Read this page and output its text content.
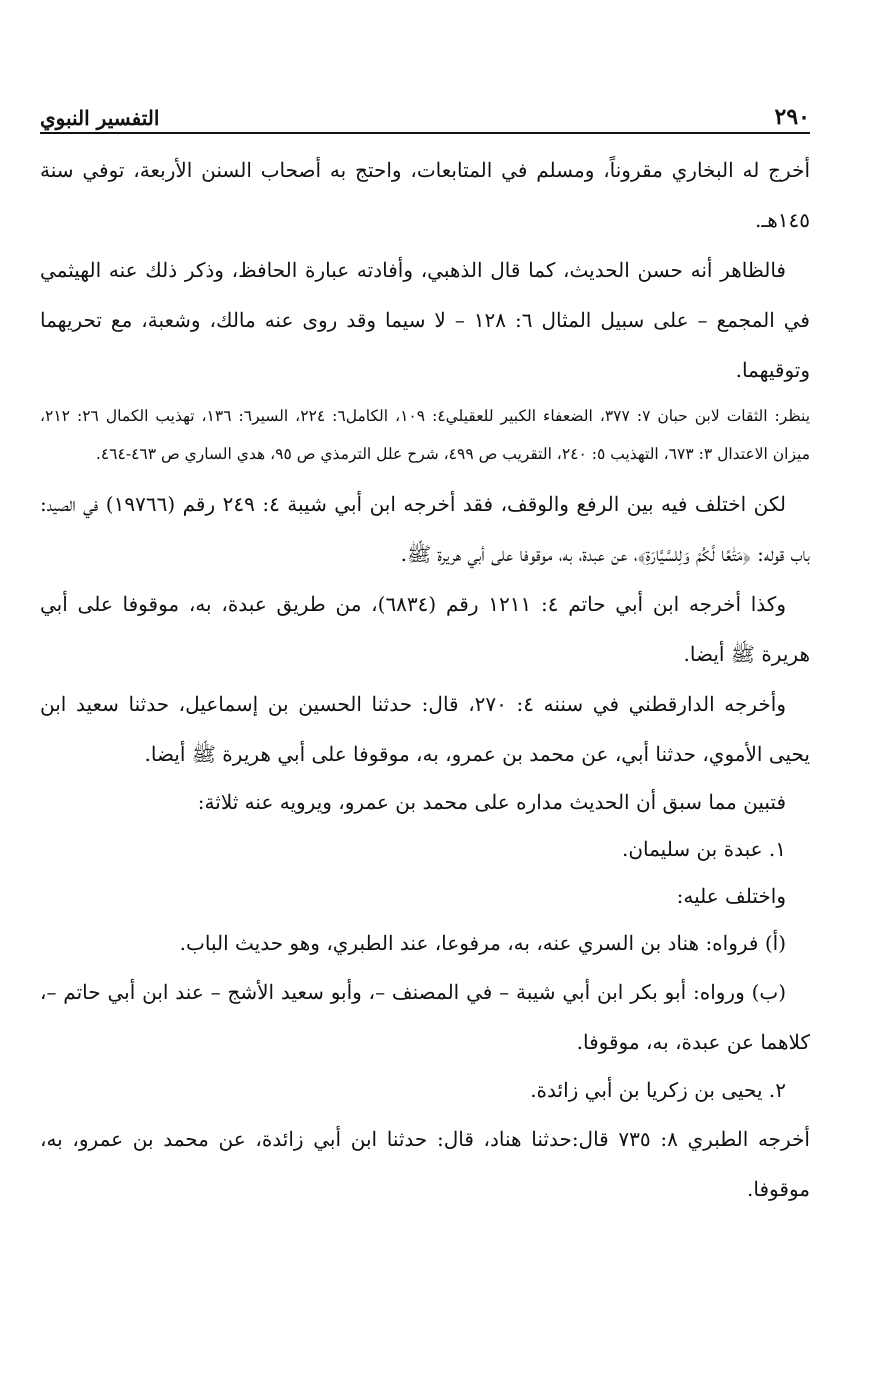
٢٩٠
التفسير النبوي

أخرج له البخاري مقروناً، ومسلم في المتابعات، واحتج به أصحاب السنن الأربعة، توفي سنة ١٤٥هـ.

فالظاهر أنه حسن الحديث، كما قال الذهبي، وأفادته عبارة الحافظ، وذكر ذلك عنه الهيثمي في المجمع – على سبيل المثال ٦: ١٢٨ – لا سيما وقد روى عنه مالك، وشعبة، مع تحريهما وتوقيهما.

ينظر: الثقات لابن حبان ٧: ٣٧٧، الضعفاء الكبير للعقيلي٤: ١٠٩، الكامل٦: ٢٢٤، السير٦: ١٣٦، تهذيب الكمال ٢٦: ٢١٢، ميزان الاعتدال ٣: ٦٧٣، التهذيب ٥: ٢٤٠، التقريب ص ٤٩٩، شرح علل الترمذي ص ٩٥، هدي الساري ص ٤٦٣-٤٦٤.

لكن اختلف فيه بين الرفع والوقف، فقد أخرجه ابن أبي شيبة ٤: ٢٤٩ رقم (١٩٧٦٦) في الصيد: باب قوله: ﴿مَتَٰعًا لَّكُمْ وَلِلسَّيَّارَةِ﴾، عن عبدة، به، موقوفا على أبي هريرة ﷺ.

وكذا أخرجه ابن أبي حاتم ٤: ١٢١١ رقم (٦٨٣٤)، من طريق عبدة، به، موقوفا على أبي هريرة ﷺ أيضا.

وأخرجه الدارقطني في سننه ٤: ٢٧٠، قال: حدثنا الحسين بن إسماعيل، حدثنا سعيد ابن يحيى الأموي، حدثنا أبي، عن محمد بن عمرو، به، موقوفا على أبي هريرة ﷺ أيضا.

فتبين مما سبق أن الحديث مداره على محمد بن عمرو، ويرويه عنه ثلاثة:

١. عبدة بن سليمان.

واختلف عليه:

(أ) فرواه: هناد بن السري عنه، به، مرفوعا، عند الطبري، وهو حديث الباب.

(ب) ورواه: أبو بكر ابن أبي شيبة – في المصنف –، وأبو سعيد الأشج – عند ابن أبي حاتم –، كلاهما عن عبدة، به، موقوفا.

٢. يحيى بن زكريا بن أبي زائدة.

أخرجه الطبري ٨: ٧٣٥ قال:حدثنا هناد، قال: حدثنا ابن أبي زائدة، عن محمد بن عمرو، به، موقوفا.
